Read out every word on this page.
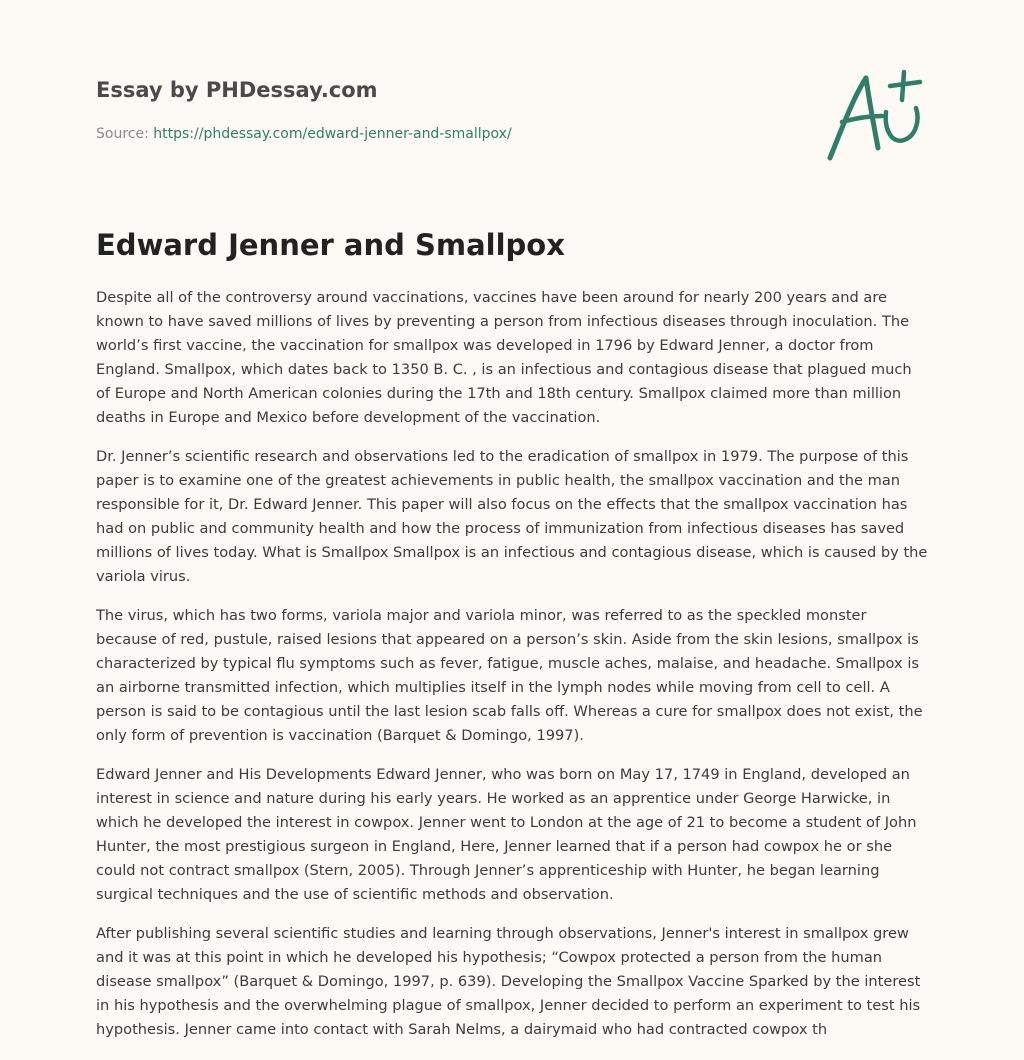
Essay by PHDessay.com
Source: https://phdessay.com/edward-jenner-and-smallpox/
Edward Jenner and Smallpox

Despite all of the controversy around vaccinations, vaccines have been around for nearly 200 years and are known to have saved millions of lives by preventing a person from infectious diseases through inoculation. The world’s first vaccine, the vaccination for smallpox was developed in 1796 by Edward Jenner, a doctor from England. Smallpox, which dates back to 1350 B. C. , is an infectious and contagious disease that plagued much of Europe and North American colonies during the 17th and 18th century. Smallpox claimed more than million deaths in Europe and Mexico before development of the vaccination.

Dr. Jenner’s scientific research and observations led to the eradication of smallpox in 1979. The purpose of this paper is to examine one of the greatest achievements in public health, the smallpox vaccination and the man responsible for it, Dr. Edward Jenner. This paper will also focus on the effects that the smallpox vaccination has had on public and community health and how the process of immunization from infectious diseases has saved millions of lives today. What is Smallpox Smallpox is an infectious and contagious disease, which is caused by the variola virus.

The virus, which has two forms, variola major and variola minor, was referred to as the speckled monster because of red, pustule, raised lesions that appeared on a person’s skin. Aside from the skin lesions, smallpox is characterized by typical flu symptoms such as fever, fatigue, muscle aches, malaise, and headache. Smallpox is an airborne transmitted infection, which multiplies itself in the lymph nodes while moving from cell to cell. A person is said to be contagious until the last lesion scab falls off. Whereas a cure for smallpox does not exist, the only form of prevention is vaccination (Barquet & Domingo, 1997).

Edward Jenner and His Developments Edward Jenner, who was born on May 17, 1749 in England, developed an interest in science and nature during his early years. He worked as an apprentice under George Harwicke, in which he developed the interest in cowpox. Jenner went to London at the age of 21 to become a student of John Hunter, the most prestigious surgeon in England, Here, Jenner learned that if a person had cowpox he or she could not contract smallpox (Stern, 2005). Through Jenner’s apprenticeship with Hunter, he began learning surgical techniques and the use of scientific methods and observation.

After publishing several scientific studies and learning through observations, Jenner's interest in smallpox grew and it was at this point in which he developed his hypothesis; “Cowpox protected a person from the human disease smallpox” (Barquet & Domingo, 1997, p. 639). Developing the Smallpox Vaccine Sparked by the interest in his hypothesis and the overwhelming plague of smallpox, Jenner decided to perform an experiment to test his hypothesis. Jenner came into contact with Sarah Nelms, a dairymaid who had contracted cowpox th
